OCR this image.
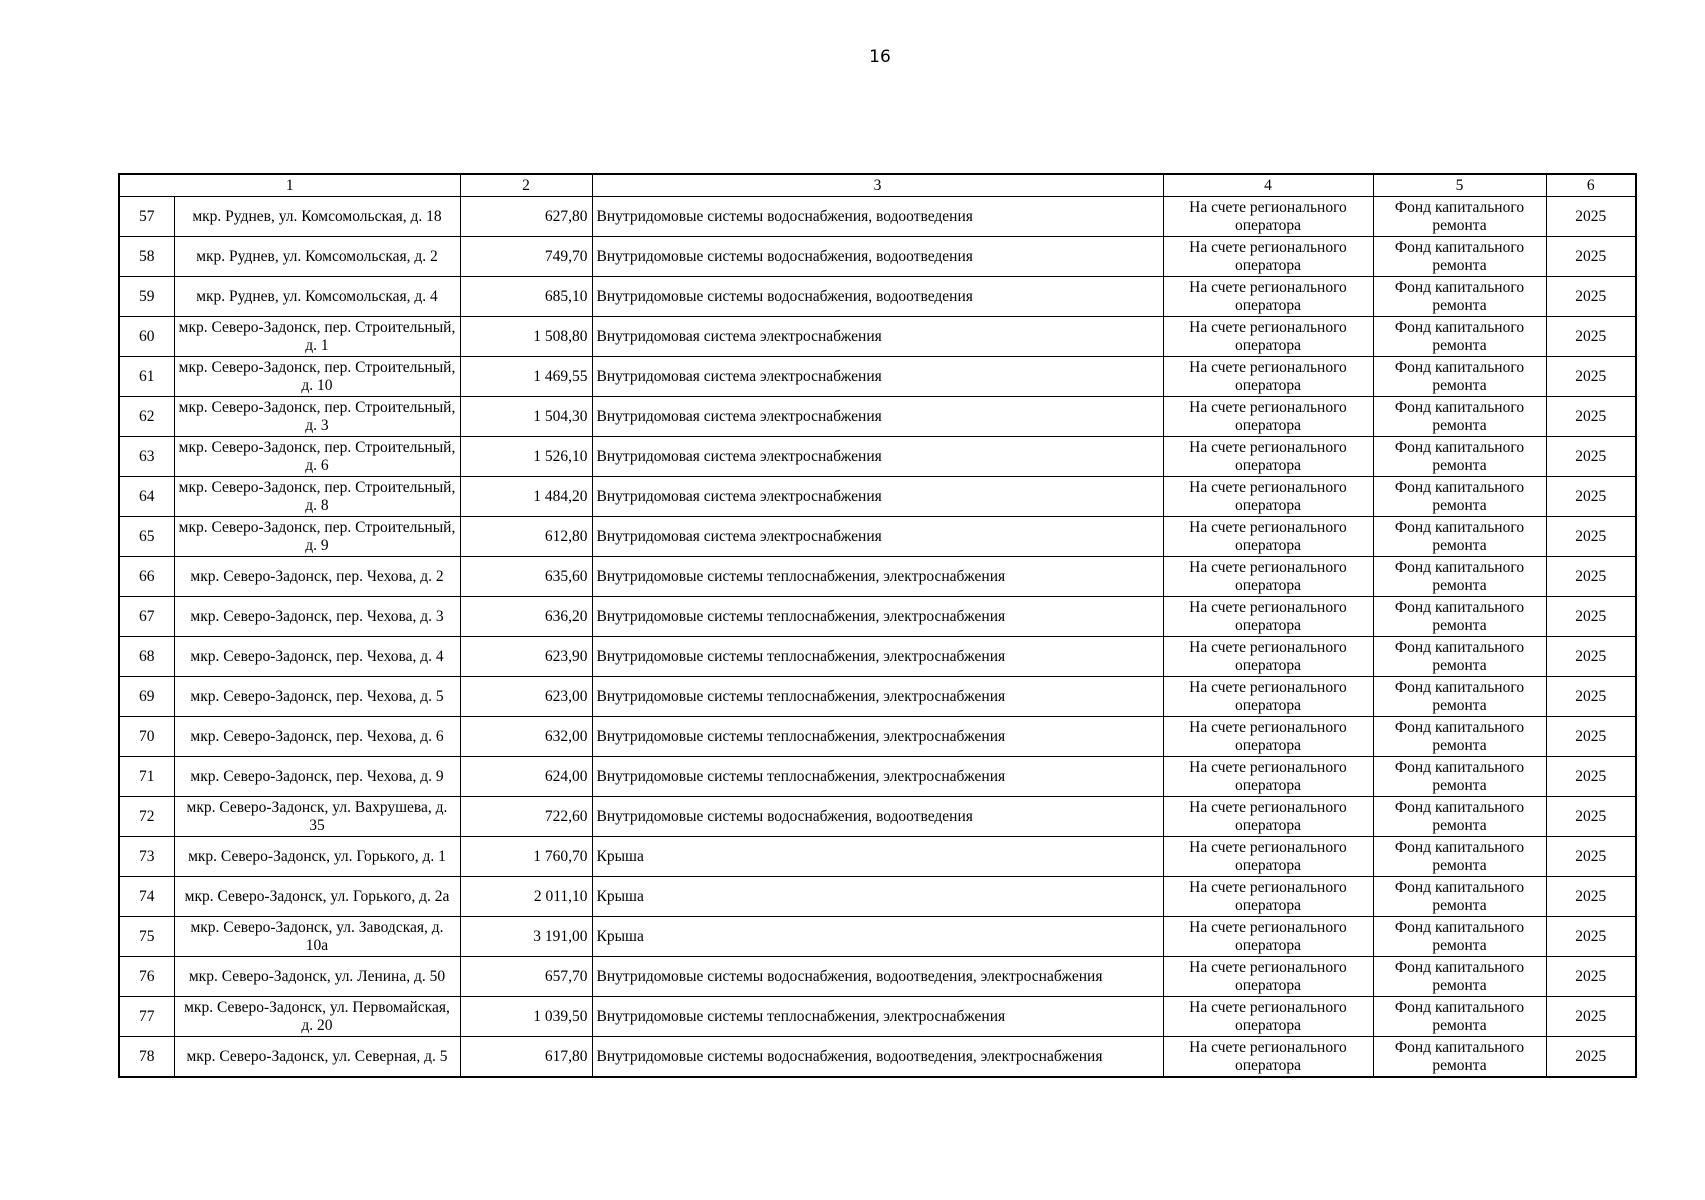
16
1		2	3	4	5	6
57	мкр. Руднев, ул. Комсомольская, д. 18	627,80	Внутридомовые системы водоснабжения, водоотведения	На счете регионального оператора	Фонд капитального ремонта	2025
58	мкр. Руднев, ул. Комсомольская, д. 2	749,70	Внутридомовые системы водоснабжения, водоотведения	На счете регионального оператора	Фонд капитального ремонта	2025
59	мкр. Руднев, ул. Комсомольская, д. 4	685,10	Внутридомовые системы водоснабжения, водоотведения	На счете регионального оператора	Фонд капитального ремонта	2025
60	мкр. Северо-Задонск, пер. Строительный, д. 1	1 508,80	Внутридомовая система электроснабжения	На счете регионального оператора	Фонд капитального ремонта	2025
61	мкр. Северо-Задонск, пер. Строительный, д. 10	1 469,55	Внутридомовая система электроснабжения	На счете регионального оператора	Фонд капитального ремонта	2025
62	мкр. Северо-Задонск, пер. Строительный, д. 3	1 504,30	Внутридомовая система электроснабжения	На счете регионального оператора	Фонд капитального ремонта	2025
63	мкр. Северо-Задонск, пер. Строительный, д. 6	1 526,10	Внутридомовая система электроснабжения	На счете регионального оператора	Фонд капитального ремонта	2025
64	мкр. Северо-Задонск, пер. Строительный, д. 8	1 484,20	Внутридомовая система электроснабжения	На счете регионального оператора	Фонд капитального ремонта	2025
65	мкр. Северо-Задонск, пер. Строительный, д. 9	612,80	Внутридомовая система электроснабжения	На счете регионального оператора	Фонд капитального ремонта	2025
66	мкр. Северо-Задонск, пер. Чехова, д. 2	635,60	Внутридомовые системы теплоснабжения, электроснабжения	На счете регионального оператора	Фонд капитального ремонта	2025
67	мкр. Северо-Задонск, пер. Чехова, д. 3	636,20	Внутридомовые системы теплоснабжения, электроснабжения	На счете регионального оператора	Фонд капитального ремонта	2025
68	мкр. Северо-Задонск, пер. Чехова, д. 4	623,90	Внутридомовые системы теплоснабжения, электроснабжения	На счете регионального оператора	Фонд капитального ремонта	2025
69	мкр. Северо-Задонск, пер. Чехова, д. 5	623,00	Внутридомовые системы теплоснабжения, электроснабжения	На счете регионального оператора	Фонд капитального ремонта	2025
70	мкр. Северо-Задонск, пер. Чехова, д. 6	632,00	Внутридомовые системы теплоснабжения, электроснабжения	На счете регионального оператора	Фонд капитального ремонта	2025
71	мкр. Северо-Задонск, пер. Чехова, д. 9	624,00	Внутридомовые системы теплоснабжения, электроснабжения	На счете регионального оператора	Фонд капитального ремонта	2025
72	мкр. Северо-Задонск, ул. Вахрушева, д. 35	722,60	Внутридомовые системы водоснабжения, водоотведения	На счете регионального оператора	Фонд капитального ремонта	2025
73	мкр. Северо-Задонск, ул. Горького, д. 1	1 760,70	Крыша	На счете регионального оператора	Фонд капитального ремонта	2025
74	мкр. Северо-Задонск, ул. Горького, д. 2а	2 011,10	Крыша	На счете регионального оператора	Фонд капитального ремонта	2025
75	мкр. Северо-Задонск, ул. Заводская, д. 10а	3 191,00	Крыша	На счете регионального оператора	Фонд капитального ремонта	2025
76	мкр. Северо-Задонск, ул. Ленина, д. 50	657,70	Внутридомовые системы водоснабжения, водоотведения, электроснабжения	На счете регионального оператора	Фонд капитального ремонта	2025
77	мкр. Северо-Задонск, ул. Первомайская, д. 20	1 039,50	Внутридомовые системы теплоснабжения, электроснабжения	На счете регионального оператора	Фонд капитального ремонта	2025
78	мкр. Северо-Задонск, ул. Северная, д. 5	617,80	Внутридомовые системы водоснабжения, водоотведения, электроснабжения	На счете регионального оператора	Фонд капитального ремонта	2025
